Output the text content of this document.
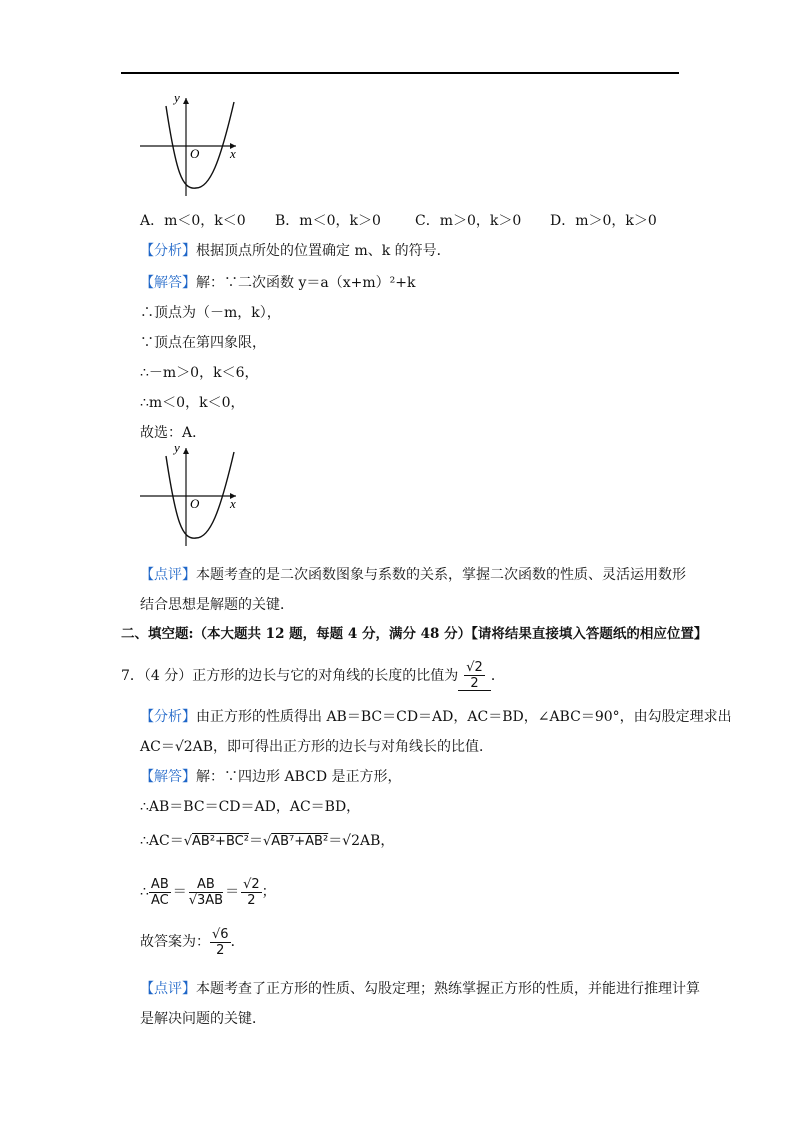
y
x
O
A．m＜0，k＜0 B．m＜0，k＞0 C．m＞0，k＞0 D．m＞0，k＞0
【分析】根据顶点所处的位置确定 m、k 的符号．
【解答】解：∵二次函数 y＝a（x+m）²+k
∴顶点为（－m，k），
∵顶点在第四象限，
∴－m＞0，k＜6，
∴m＜0，k＜0，
故选：A．
y
x
O
【点评】本题考查的是二次函数图象与系数的关系，掌握二次函数的性质、灵活运用数形
结合思想是解题的关键．
二、填空题:（本大题共 12 题，每题 4 分，满分 48 分）【请将结果直接填入答题纸的相应位置】
7．（4 分）正方形的边长与它的对角线的长度的比值为 $\frac{√2}{2}$ ．
【分析】由正方形的性质得出 AB＝BC＝CD＝AD，AC＝BD，∠ABC＝90°，由勾股定理求出
AC＝√2AB，即可得出正方形的边长与对角线长的比值．
【解答】解：∵四边形 ABCD 是正方形，
∴AB＝BC＝CD＝AD，AC＝BD，
∴AC＝√AB²+BC²＝√AB⁷+AB²＝√2AB，
∴ $\frac{AB}{AC} = \frac{AB}{√3AB} = \frac{√2}{2}$ ；
故答案为： $\frac{√6}{2}$ ．
【点评】本题考查了正方形的性质、勾股定理；熟练掌握正方形的性质，并能进行推理计算
是解决问题的关键．
